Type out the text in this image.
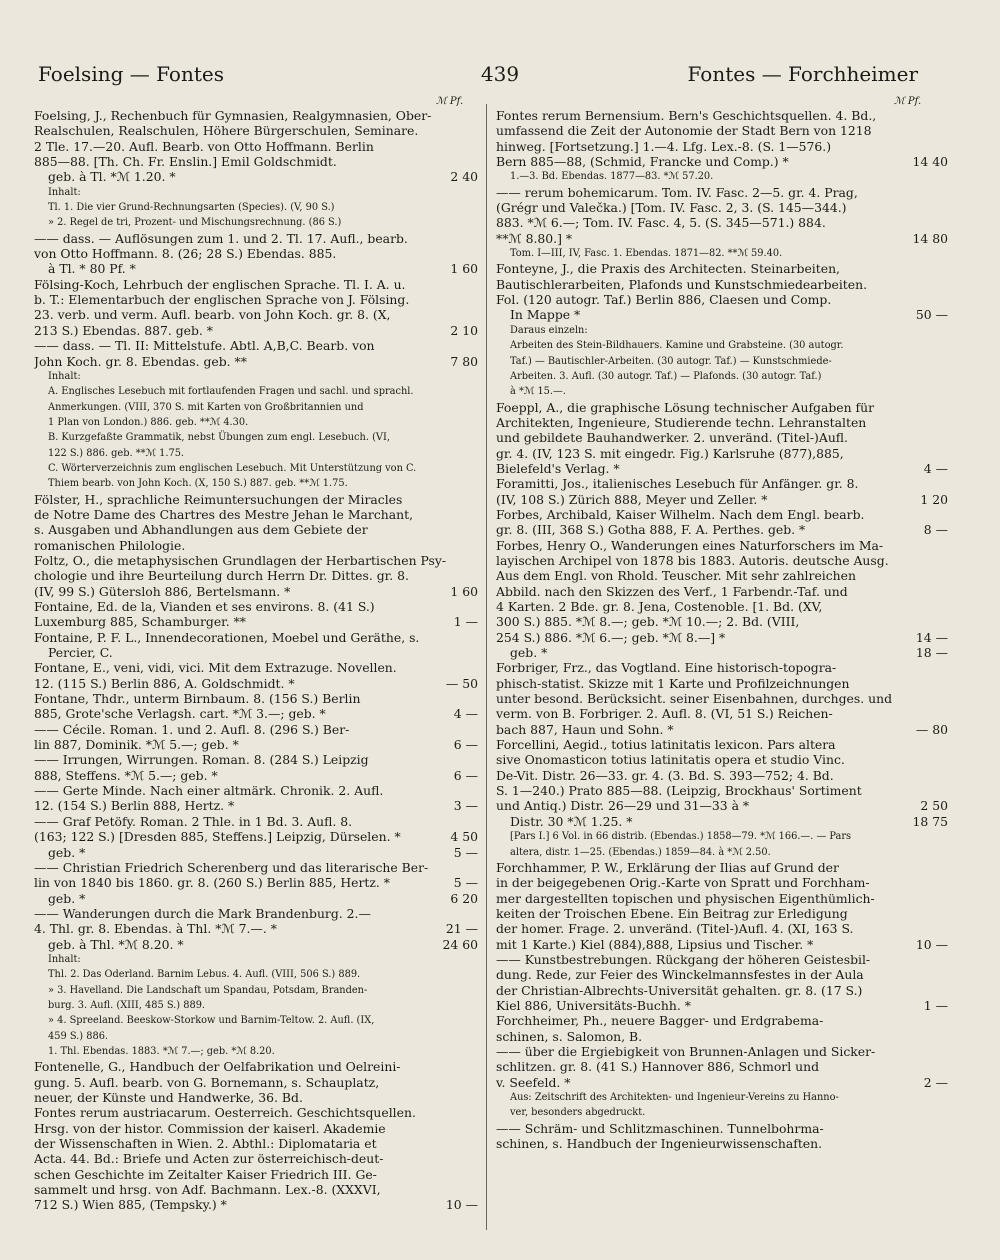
Foelsing — Fontes	439	Fontes — Forchheimer
ℳ Pf.	ℳ Pf.
Foelsing, J., Rechenbuch für Gymnasien, Realgymnasien, Ober-
Realschulen, Realschulen, Höhere Bürgerschulen, Seminare.
2 Tle. 17.—20. Aufl. Bearb. von Otto Hoffmann. Berlin
885—88. [Th. Ch. Fr. Enslin.] Emil Goldschmidt.
geb. à Tl. *ℳ 1.20. *	2 40
Inhalt:
Tl. 1. Die vier Grund-Rechnungsarten (Species). (V, 90 S.)
» 2. Regel de tri, Prozent- und Mischungsrechnung. (86 S.)
—— dass. — Auflösungen zum 1. und 2. Tl. 17. Aufl., bearb.
von Otto Hoffmann. 8. (26; 28 S.) Ebendas. 885.
à Tl. * 80 Pf. *	1 60
Fölsing-Koch, Lehrbuch der englischen Sprache. Tl. I. A. u.
b. T.: Elementarbuch der englischen Sprache von J. Fölsing.
23. verb. und verm. Aufl. bearb. von John Koch. gr. 8. (X,
213 S.) Ebendas. 887. geb. *	2 10
—— dass. — Tl. II: Mittelstufe. Abtl. A,B,C. Bearb. von
John Koch. gr. 8. Ebendas. geb. **	7 80
Inhalt:
A. Englisches Lesebuch mit fortlaufenden Fragen und sachl. und sprachl.
Anmerkungen. (VIII, 370 S. mit Karten von Großbritannien und
1 Plan von London.) 886. geb. **ℳ 4.30.
B. Kurzgefaßte Grammatik, nebst Übungen zum engl. Lesebuch. (VI,
122 S.) 886. geb. **ℳ 1.75.
C. Wörterverzeichnis zum englischen Lesebuch. Mit Unterstützung von C.
Thiem bearb. von John Koch. (X, 150 S.) 887. geb. **ℳ 1.75.
Fölster, H., sprachliche Reimuntersuchungen der Miracles
de Notre Dame des Chartres des Mestre Jehan le Marchant,
s. Ausgaben und Abhandlungen aus dem Gebiete der
romanischen Philologie.
Foltz, O., die metaphysischen Grundlagen der Herbartischen Psy-
chologie und ihre Beurteilung durch Herrn Dr. Dittes. gr. 8.
(IV, 99 S.) Gütersloh 886, Bertelsmann. *	1 60
Fontaine, Ed. de la, Vianden et ses environs. 8. (41 S.)
Luxemburg 885, Schamburger. **	1 —
Fontaine, P. F. L., Innendecorationen, Moebel und Geräthe, s.
Percier, C.
Fontane, E., veni, vidi, vici. Mit dem Extrazuge. Novellen.
12. (115 S.) Berlin 886, A. Goldschmidt. *	— 50
Fontane, Thdr., unterm Birnbaum. 8. (156 S.) Berlin
885, Grote'sche Verlagsh. cart. *ℳ 3.—; geb. *	4 —
—— Cécile. Roman. 1. und 2. Aufl. 8. (296 S.) Ber-
lin 887, Dominik. *ℳ 5.—; geb. *	6 —
—— Irrungen, Wirrungen. Roman. 8. (284 S.) Leipzig
888, Steffens. *ℳ 5.—; geb. *	6 —
—— Gerte Minde. Nach einer altmärk. Chronik. 2. Aufl.
12. (154 S.) Berlin 888, Hertz. *	3 —
—— Graf Petöfy. Roman. 2 Thle. in 1 Bd. 3. Aufl. 8.
(163; 122 S.) [Dresden 885, Steffens.] Leipzig, Dürselen. *	4 50
geb. *	5 —
—— Christian Friedrich Scherenberg und das literarische Ber-
lin von 1840 bis 1860. gr. 8. (260 S.) Berlin 885, Hertz. *	5 —
geb. *	6 20
—— Wanderungen durch die Mark Brandenburg. 2.—
4. Thl. gr. 8. Ebendas. à Thl. *ℳ 7.—. *	21 —
geb. à Thl. *ℳ 8.20. *	24 60
Inhalt:
Thl. 2. Das Oderland. Barnim Lebus. 4. Aufl. (VIII, 506 S.) 889.
» 3. Havelland. Die Landschaft um Spandau, Potsdam, Branden-
burg. 3. Aufl. (XIII, 485 S.) 889.
» 4. Spreeland. Beeskow-Storkow und Barnim-Teltow. 2. Aufl. (IX,
459 S.) 886.
1. Thl. Ebendas. 1883. *ℳ 7.—; geb. *ℳ 8.20.
Fontenelle, G., Handbuch der Oelfabrikation und Oelreini-
gung. 5. Aufl. bearb. von G. Bornemann, s. Schauplatz,
neuer, der Künste und Handwerke, 36. Bd.
Fontes rerum austriacarum. Oesterreich. Geschichtsquellen.
Hrsg. von der histor. Commission der kaiserl. Akademie
der Wissenschaften in Wien. 2. Abthl.: Diplomataria et
Acta. 44. Bd.: Briefe und Acten zur österreichisch-deut-
schen Geschichte im Zeitalter Kaiser Friedrich III. Ge-
sammelt und hrsg. von Adf. Bachmann. Lex.-8. (XXXVI,
712 S.) Wien 885, (Tempsky.) *	10 —
Fontes rerum Bernensium. Bern's Geschichtsquellen. 4. Bd.,
umfassend die Zeit der Autonomie der Stadt Bern von 1218
hinweg. [Fortsetzung.] 1.—4. Lfg. Lex.-8. (S. 1—576.)
Bern 885—88, (Schmid, Francke und Comp.) *	14 40
1.—3. Bd. Ebendas. 1877—83. *ℳ 57.20.
—— rerum bohemicarum. Tom. IV. Fasc. 2—5. gr. 4. Prag,
(Grégr und Valečka.) [Tom. IV. Fasc. 2, 3. (S. 145—344.)
883. *ℳ 6.—; Tom. IV. Fasc. 4, 5. (S. 345—571.) 884.
**ℳ 8.80.] *	14 80
Tom. I—III, IV, Fasc. 1. Ebendas. 1871—82. **ℳ 59.40.
Fonteyne, J., die Praxis des Architecten. Steinarbeiten,
Bautischlerarbeiten, Plafonds und Kunstschmiedearbeiten.
Fol. (120 autogr. Taf.) Berlin 886, Claesen und Comp.
In Mappe *	50 —
Daraus einzeln:
Arbeiten des Stein-Bildhauers. Kamine und Grabsteine. (30 autogr.
Taf.) — Bautischler-Arbeiten. (30 autogr. Taf.) — Kunstschmiede-
Arbeiten. 3. Aufl. (30 autogr. Taf.) — Plafonds. (30 autogr. Taf.)
à *ℳ 15.—.
Foeppl, A., die graphische Lösung technischer Aufgaben für
Architekten, Ingenieure, Studierende techn. Lehranstalten
und gebildete Bauhandwerker. 2. unveränd. (Titel-)Aufl.
gr. 4. (IV, 123 S. mit eingedr. Fig.) Karlsruhe (877),885,
Bielefeld's Verlag. *	4 —
Foramitti, Jos., italienisches Lesebuch für Anfänger. gr. 8.
(IV, 108 S.) Zürich 888, Meyer und Zeller. *	1 20
Forbes, Archibald, Kaiser Wilhelm. Nach dem Engl. bearb.
gr. 8. (III, 368 S.) Gotha 888, F. A. Perthes. geb. *	8 —
Forbes, Henry O., Wanderungen eines Naturforschers im Ma-
layischen Archipel von 1878 bis 1883. Autoris. deutsche Ausg.
Aus dem Engl. von Rhold. Teuscher. Mit sehr zahlreichen
Abbild. nach den Skizzen des Verf., 1 Farbendr.-Taf. und
4 Karten. 2 Bde. gr. 8. Jena, Costenoble. [1. Bd. (XV,
300 S.) 885. *ℳ 8.—; geb. *ℳ 10.—; 2. Bd. (VIII,
254 S.) 886. *ℳ 6.—; geb. *ℳ 8.—] *	14 —
geb. *	18 —
Forbriger, Frz., das Vogtland. Eine historisch-topogra-
phisch-statist. Skizze mit 1 Karte und Profilzeichnungen
unter besond. Berücksicht. seiner Eisenbahnen, durchges. und
verm. von B. Forbriger. 2. Aufl. 8. (VI, 51 S.) Reichen-
bach 887, Haun und Sohn. *	— 80
Forcellini, Aegid., totius latinitatis lexicon. Pars altera
sive Onomasticon totius latinitatis opera et studio Vinc.
De-Vit. Distr. 26—33. gr. 4. (3. Bd. S. 393—752; 4. Bd.
S. 1—240.) Prato 885—88. (Leipzig, Brockhaus' Sortiment
und Antiq.) Distr. 26—29 und 31—33 à *	2 50
Distr. 30 *ℳ 1.25. *	18 75
[Pars I.] 6 Vol. in 66 distrib. (Ebendas.) 1858—79. *ℳ 166.—. — Pars
altera, distr. 1—25. (Ebendas.) 1859—84. à *ℳ 2.50.
Forchhammer, P. W., Erklärung der Ilias auf Grund der
in der beigegebenen Orig.-Karte von Spratt und Forchham-
mer dargestellten topischen und physischen Eigenthümlich-
keiten der Troischen Ebene. Ein Beitrag zur Erledigung
der homer. Frage. 2. unveränd. (Titel-)Aufl. 4. (XI, 163 S.
mit 1 Karte.) Kiel (884),888, Lipsius und Tischer. *	10 —
—— Kunstbestrebungen. Rückgang der höheren Geistesbil-
dung. Rede, zur Feier des Winckelmannsfestes in der Aula
der Christian-Albrechts-Universität gehalten. gr. 8. (17 S.)
Kiel 886, Universitäts-Buchh. *	1 —
Forchheimer, Ph., neuere Bagger- und Erdgrabema-
schinen, s. Salomon, B.
—— über die Ergiebigkeit von Brunnen-Anlagen und Sicker-
schlitzen. gr. 8. (41 S.) Hannover 886, Schmorl und
v. Seefeld. *	2 —
Aus: Zeitschrift des Architekten- und Ingenieur-Vereins zu Hanno-
ver, besonders abgedruckt.
—— Schräm- und Schlitzmaschinen. Tunnelbohrma-
schinen, s. Handbuch der Ingenieurwissenschaften.
